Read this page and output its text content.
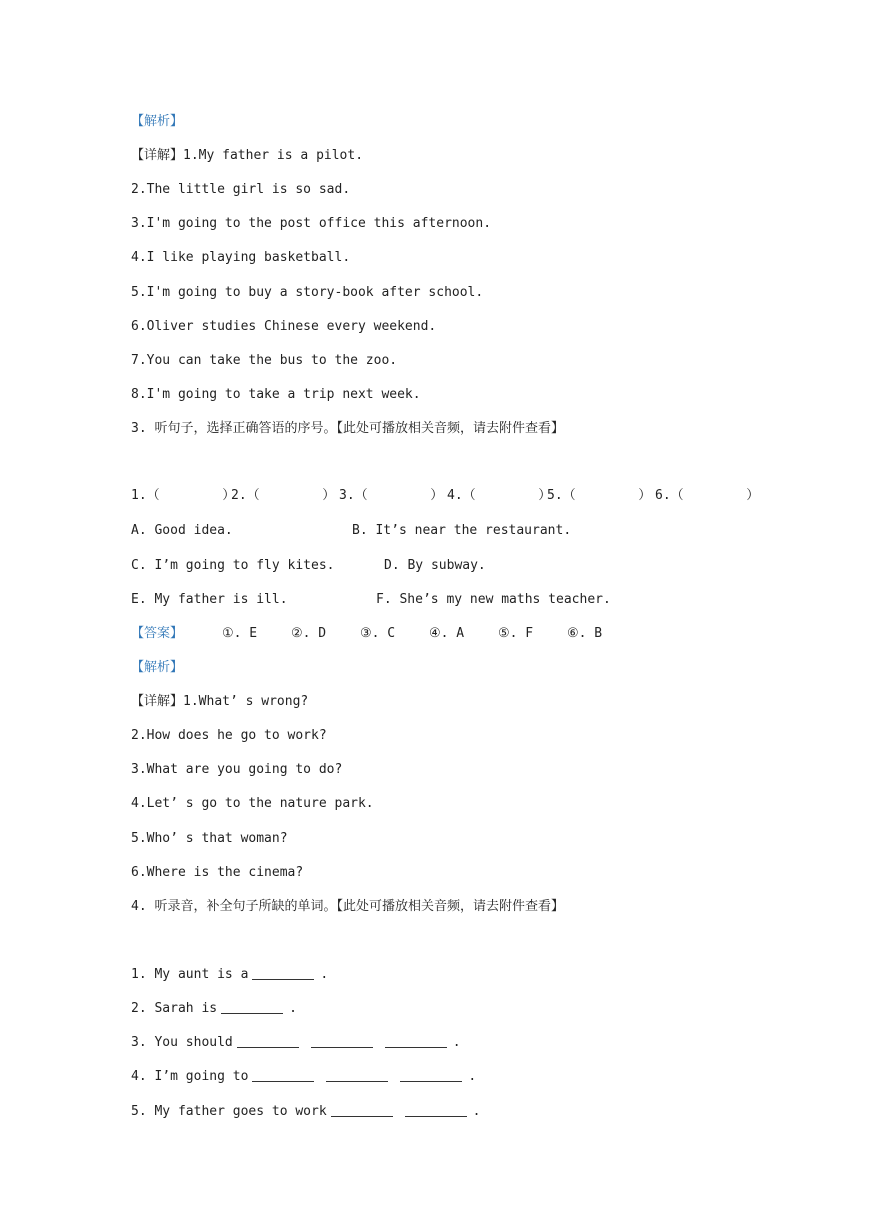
【解析】
【详解】1.My father is a pilot.
2.The little girl is so sad.
3.I'm going to the post office this afternoon.
4.I like playing basketball.
5.I'm going to buy a story-book after school.
6.Oliver studies Chinese every weekend.
7.You can take the bus to the zoo.
8.I'm going to take a trip next week.
3. 听句子，选择正确答语的序号。【此处可播放相关音频，请去附件查看】
1.（        ）
2.（        ） 3.（        ） 4.（        ）
5.（        ） 6.（        ）
A. Good idea.	B. It’s near the restaurant.
C. I’m going to fly kites.	D. By subway.
E. My father is ill.	F. She’s my new maths teacher.
【答案】	①. E	②. D	③. C	④. A	⑤. F	⑥. B
【解析】
【详解】1.What’ s wrong?
2.How does he go to work?
3.What are you going to do?
4.Let’ s go to the nature park.
5.Who’ s that woman?
6.Where is the cinema?
4. 听录音，补全句子所缺的单词。【此处可播放相关音频，请去附件查看】
1. My aunt is a	.
2. Sarah is	.
3. You should	.
4. I’m going to	.
5. My father goes to work	.
